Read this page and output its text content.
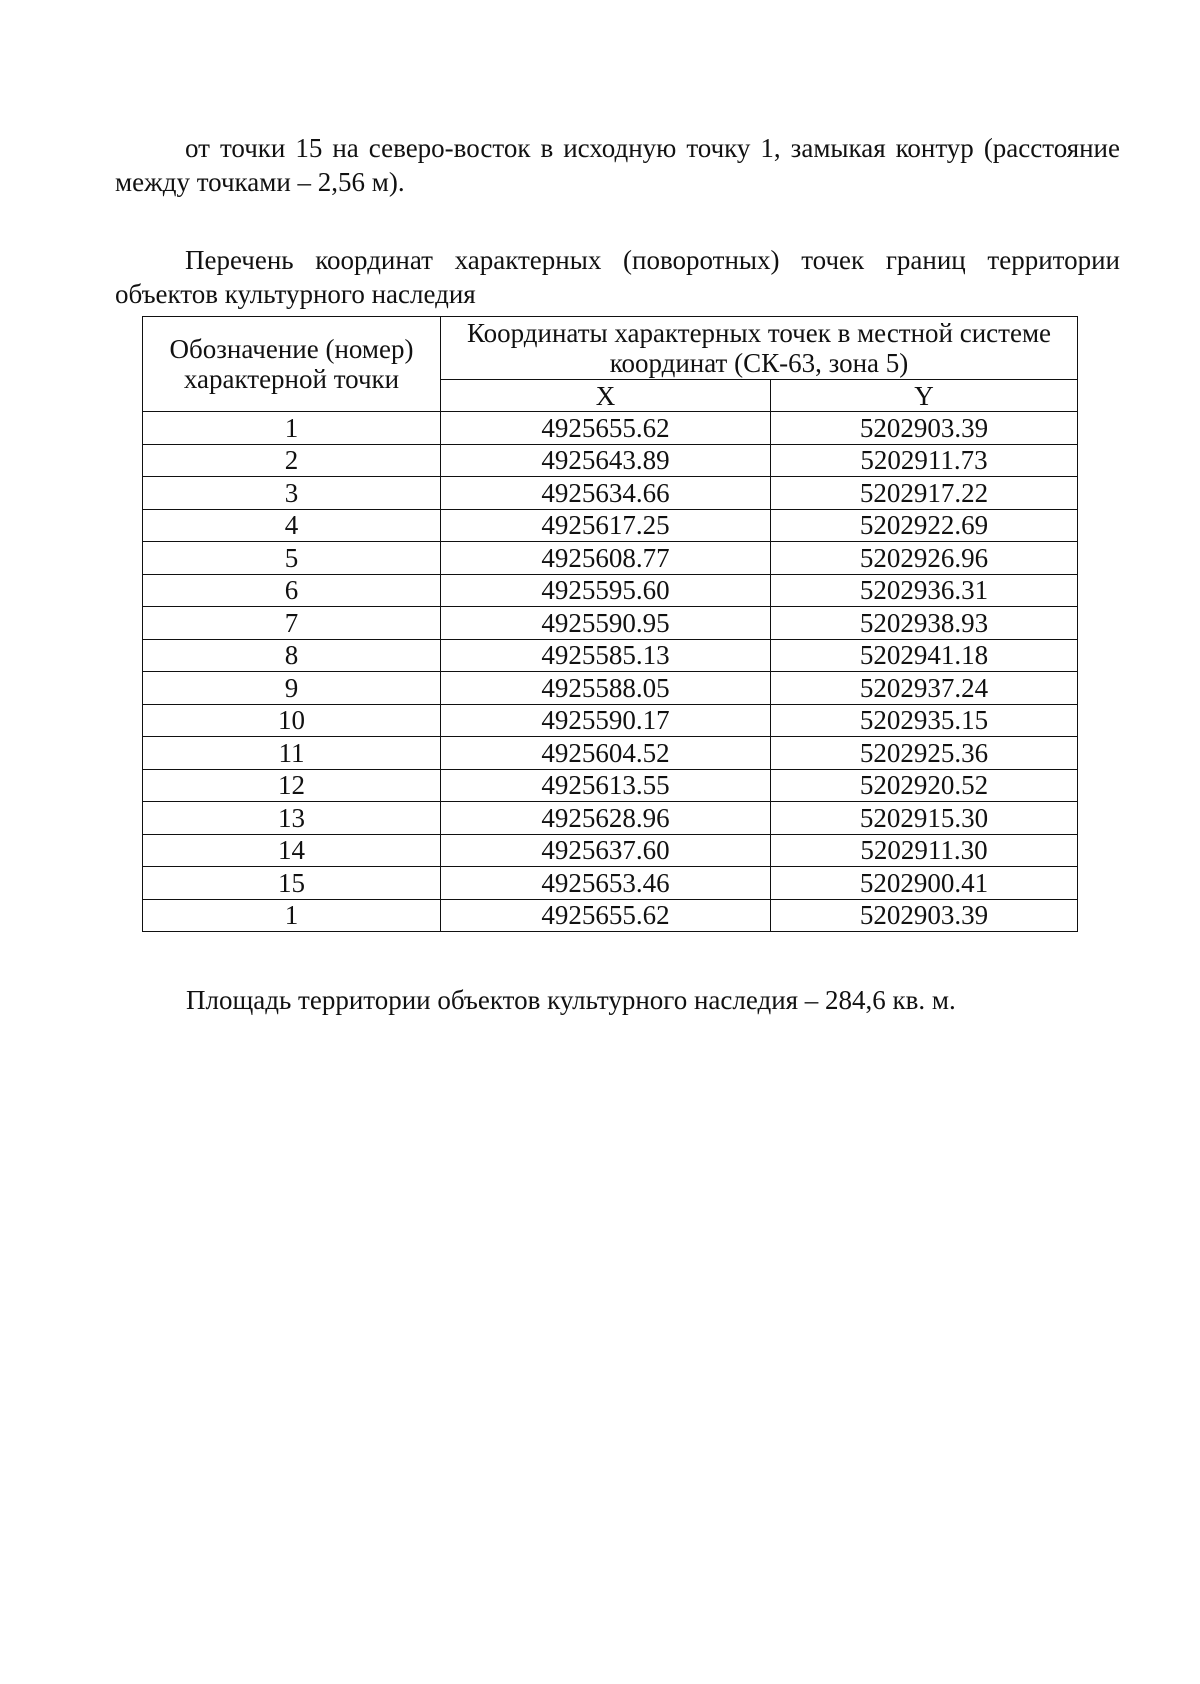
от точки 15 на северо-восток в исходную точку 1, замыкая контур (расстояние между точками – 2,56 м).

Перечень координат характерных (поворотных) точек границ территории объектов культурного наследия

Обозначение (номер) характерной точки	Координаты характерных точек в местной системе координат (СК-63, зона 5)	
	X	Y
1	4925655.62	5202903.39
2	4925643.89	5202911.73
3	4925634.66	5202917.22
4	4925617.25	5202922.69
5	4925608.77	5202926.96
6	4925595.60	5202936.31
7	4925590.95	5202938.93
8	4925585.13	5202941.18
9	4925588.05	5202937.24
10	4925590.17	5202935.15
11	4925604.52	5202925.36
12	4925613.55	5202920.52
13	4925628.96	5202915.30
14	4925637.60	5202911.30
15	4925653.46	5202900.41
1	4925655.62	5202903.39
Площадь территории объектов культурного наследия – 284,6 кв. м.
